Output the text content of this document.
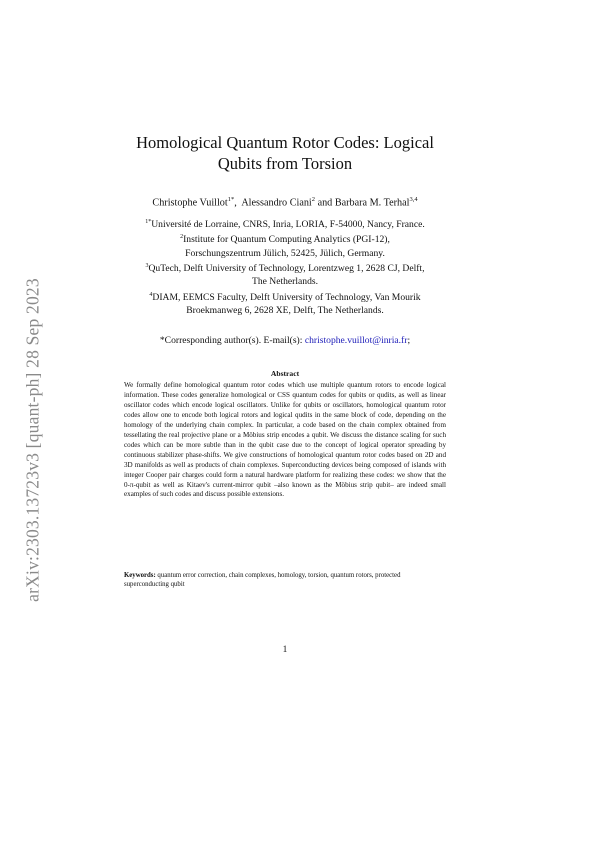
arXiv:2303.13723v3 [quant-ph] 28 Sep 2023
Homological Quantum Rotor Codes: Logical
Qubits from Torsion
Christophe Vuillot$^{1*}$,  Alessandro Ciani$^2$ and Barbara M. Terhal$^{3,4}$
$^{1*}$Université de Lorraine, CNRS, Inria, LORIA, F-54000, Nancy, France.
$^2$Institute for Quantum Computing Analytics (PGI-12),
Forschungszentrum Jülich, 52425, Jülich, Germany.
$^3$QuTech, Delft University of Technology, Lorentzweg 1, 2628 CJ, Delft,
The Netherlands.
$^4$DIAM, EEMCS Faculty, Delft University of Technology, Van Mourik
Broekmanweg 6, 2628 XE, Delft, The Netherlands.
*Corresponding author(s). E-mail(s): christophe.vuillot@inria.fr;
Abstract
We formally define homological quantum rotor codes which use multiple quantum rotors to encode logical information. These codes generalize homological or CSS quantum codes for qubits or qudits, as well as linear oscillator codes which encode logical oscillators. Unlike for qubits or oscillators, homological quantum rotor codes allow one to encode both logical rotors and logical qudits in the same block of code, depending on the homology of the underlying chain complex. In particular, a code based on the chain complex obtained from tessellating the real projective plane or a Möbius strip encodes a qubit. We discuss the distance scaling for such codes which can be more subtle than in the qubit case due to the concept of logical operator spreading by continuous stabilizer phase-shifts. We give constructions of homological quantum rotor codes based on 2D and 3D manifolds as well as products of chain complexes. Superconducting devices being composed of islands with integer Cooper pair charges could form a natural hardware platform for realizing these codes: we show that the 0-π-qubit as well as Kitaev's current-mirror qubit –also known as the Möbius strip qubit– are indeed small examples of such codes and discuss possible extensions.
Keywords: quantum error correction, chain complexes, homology, torsion, quantum rotors, protected superconducting qubit
1
